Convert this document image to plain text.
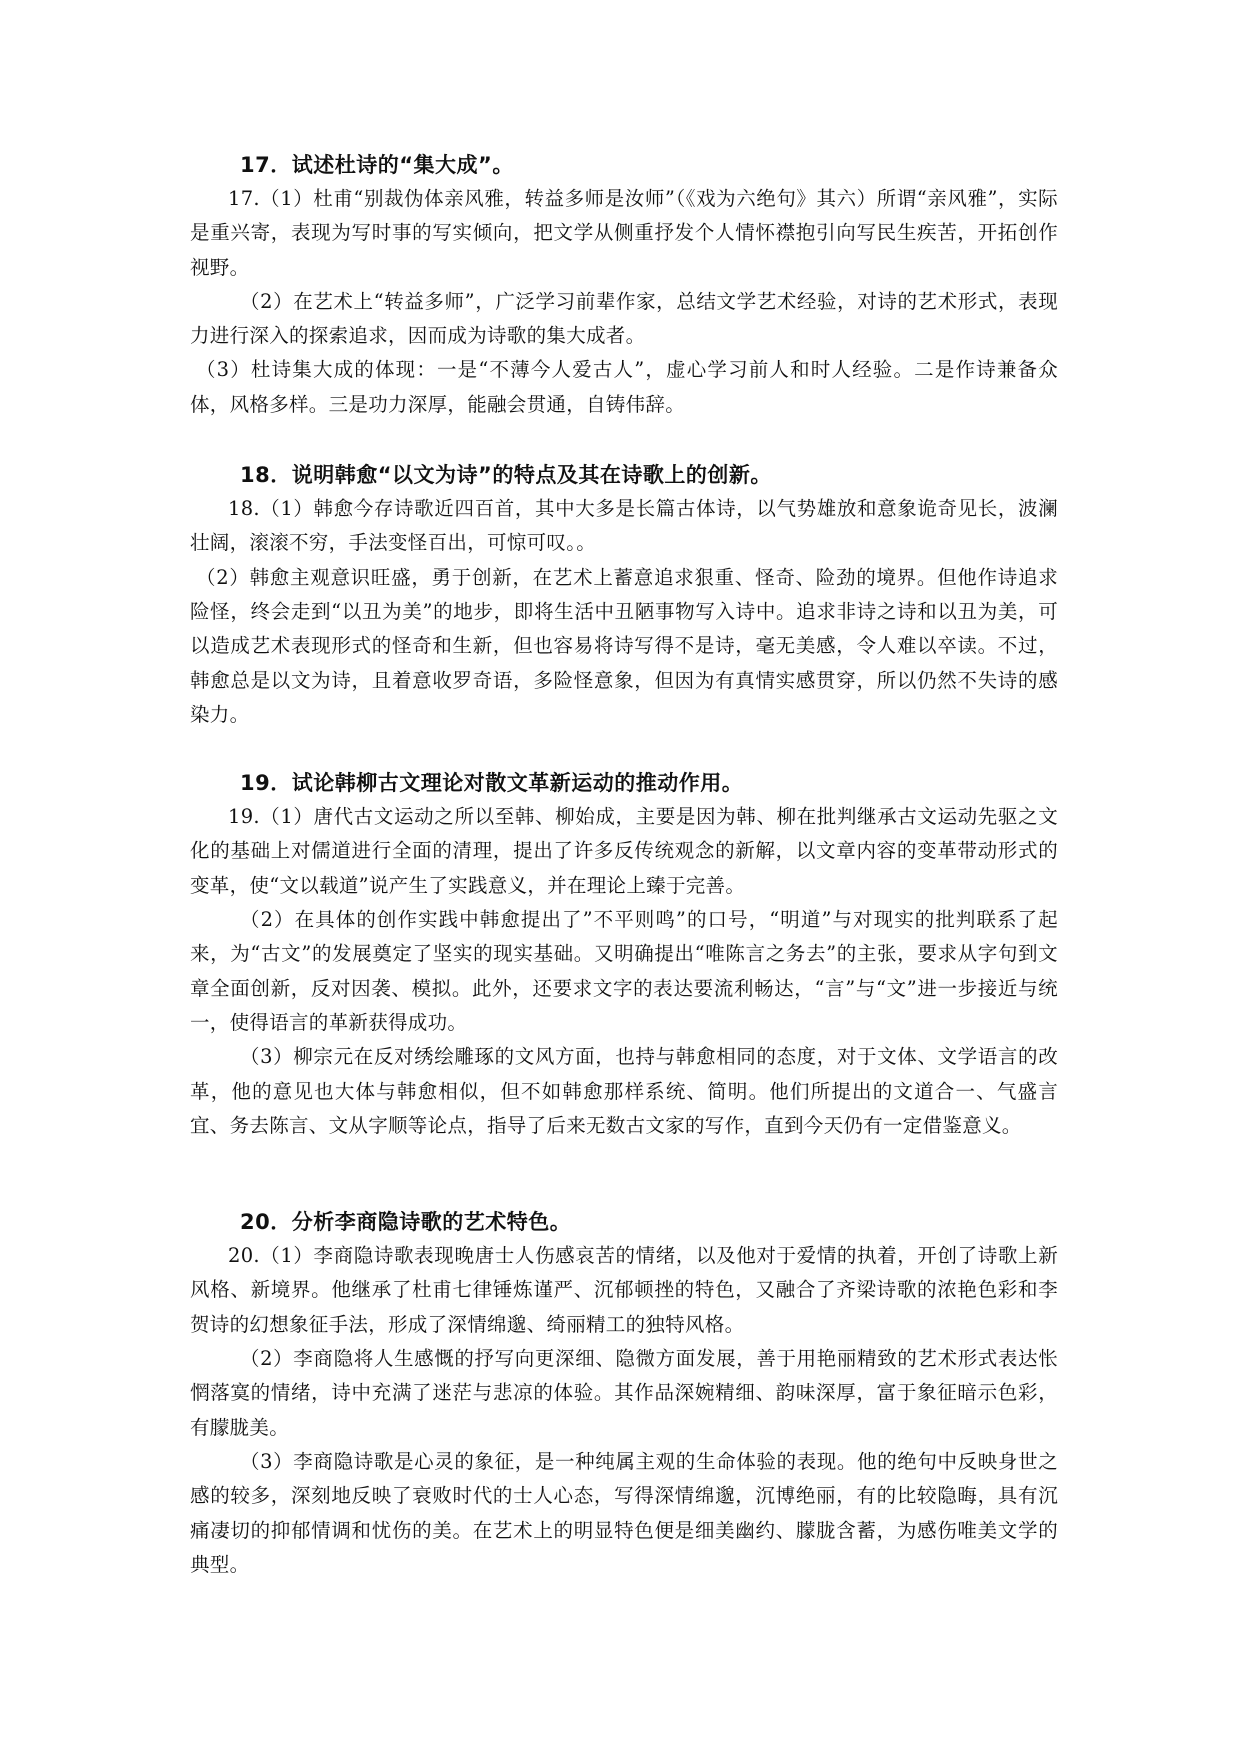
17．试述杜诗的“集大成”。

17.（1）杜甫“别裁伪体亲风雅，转益多师是汝师”（《戏为六绝句》其六）所谓“亲风雅”，实际是重兴寄，表现为写时事的写实倾向，把文学从侧重抒发个人情怀襟抱引向写民生疾苦，开拓创作视野。

（2）在艺术上“转益多师”，广泛学习前辈作家，总结文学艺术经验，对诗的艺术形式，表现力进行深入的探索追求，因而成为诗歌的集大成者。

（3）杜诗集大成的体现：一是“不薄今人爱古人”，虚心学习前人和时人经验。二是作诗兼备众体，风格多样。三是功力深厚，能融会贯通，自铸伟辞。

18．说明韩愈“以文为诗”的特点及其在诗歌上的创新。

18.（1）韩愈今存诗歌近四百首，其中大多是长篇古体诗，以气势雄放和意象诡奇见长，波澜壮阔，滚滚不穷，手法变怪百出，可惊可叹。。

（2）韩愈主观意识旺盛，勇于创新，在艺术上蓄意追求狠重、怪奇、险劲的境界。但他作诗追求险怪，终会走到“以丑为美”的地步，即将生活中丑陋事物写入诗中。追求非诗之诗和以丑为美，可以造成艺术表现形式的怪奇和生新，但也容易将诗写得不是诗，毫无美感，令人难以卒读。不过，韩愈总是以文为诗，且着意收罗奇语，多险怪意象，但因为有真情实感贯穿，所以仍然不失诗的感染力。

19．试论韩柳古文理论对散文革新运动的推动作用。

19.（1）唐代古文运动之所以至韩、柳始成，主要是因为韩、柳在批判继承古文运动先驱之文化的基础上对儒道进行全面的清理，提出了许多反传统观念的新解，以文章内容的变革带动形式的变革，使“文以载道”说产生了实践意义，并在理论上臻于完善。

（2）在具体的创作实践中韩愈提出了”不平则鸣”的口号，“明道”与对现实的批判联系了起来，为“古文”的发展奠定了坚实的现实基础。又明确提出“唯陈言之务去”的主张，要求从字句到文章全面创新，反对因袭、模拟。此外，还要求文字的表达要流利畅达，“言”与“文”进一步接近与统一，使得语言的革新获得成功。

（3）柳宗元在反对绣绘雕琢的文风方面，也持与韩愈相同的态度，对于文体、文学语言的改革，他的意见也大体与韩愈相似，但不如韩愈那样系统、简明。他们所提出的文道合一、气盛言宜、务去陈言、文从字顺等论点，指导了后来无数古文家的写作，直到今天仍有一定借鉴意义。

20．分析李商隐诗歌的艺术特色。

20.（1）李商隐诗歌表现晚唐士人伤感哀苦的情绪，以及他对于爱情的执着，开创了诗歌上新风格、新境界。他继承了杜甫七律锤炼谨严、沉郁顿挫的特色，又融合了齐梁诗歌的浓艳色彩和李贺诗的幻想象征手法，形成了深情绵邈、绮丽精工的独特风格。

（2）李商隐将人生感慨的抒写向更深细、隐微方面发展，善于用艳丽精致的艺术形式表达怅惘落寞的情绪，诗中充满了迷茫与悲凉的体验。其作品深婉精细、韵味深厚，富于象征暗示色彩，有朦胧美。

（3）李商隐诗歌是心灵的象征，是一种纯属主观的生命体验的表现。他的绝句中反映身世之感的较多，深刻地反映了衰败时代的士人心态，写得深情绵邈，沉博绝丽，有的比较隐晦，具有沉痛凄切的抑郁情调和忧伤的美。在艺术上的明显特色便是细美幽约、朦胧含蓄，为感伤唯美文学的典型。
